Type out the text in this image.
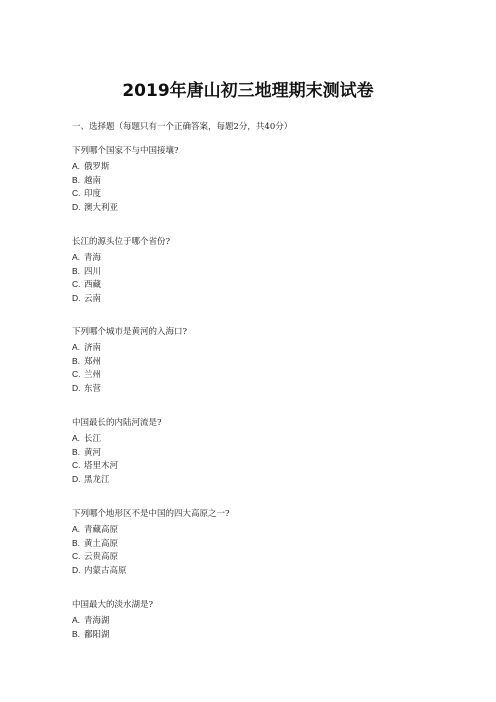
2019年唐山初三地理期末测试卷
一、选择题（每题只有一个正确答案，每题2分，共40分）
下列哪个国家不与中国接壤?
A. 俄罗斯
B. 越南
C. 印度
D. 澳大利亚
长江的源头位于哪个省份?
A. 青海
B. 四川
C. 西藏
D. 云南
下列哪个城市是黄河的入海口?
A. 济南
B. 郑州
C. 兰州
D. 东营
中国最长的内陆河流是?
A. 长江
B. 黄河
C. 塔里木河
D. 黑龙江
下列哪个地形区不是中国的四大高原之一?
A. 青藏高原
B. 黄土高原
C. 云贵高原
D. 内蒙古高原
中国最大的淡水湖是?
A. 青海湖
B. 鄱阳湖
